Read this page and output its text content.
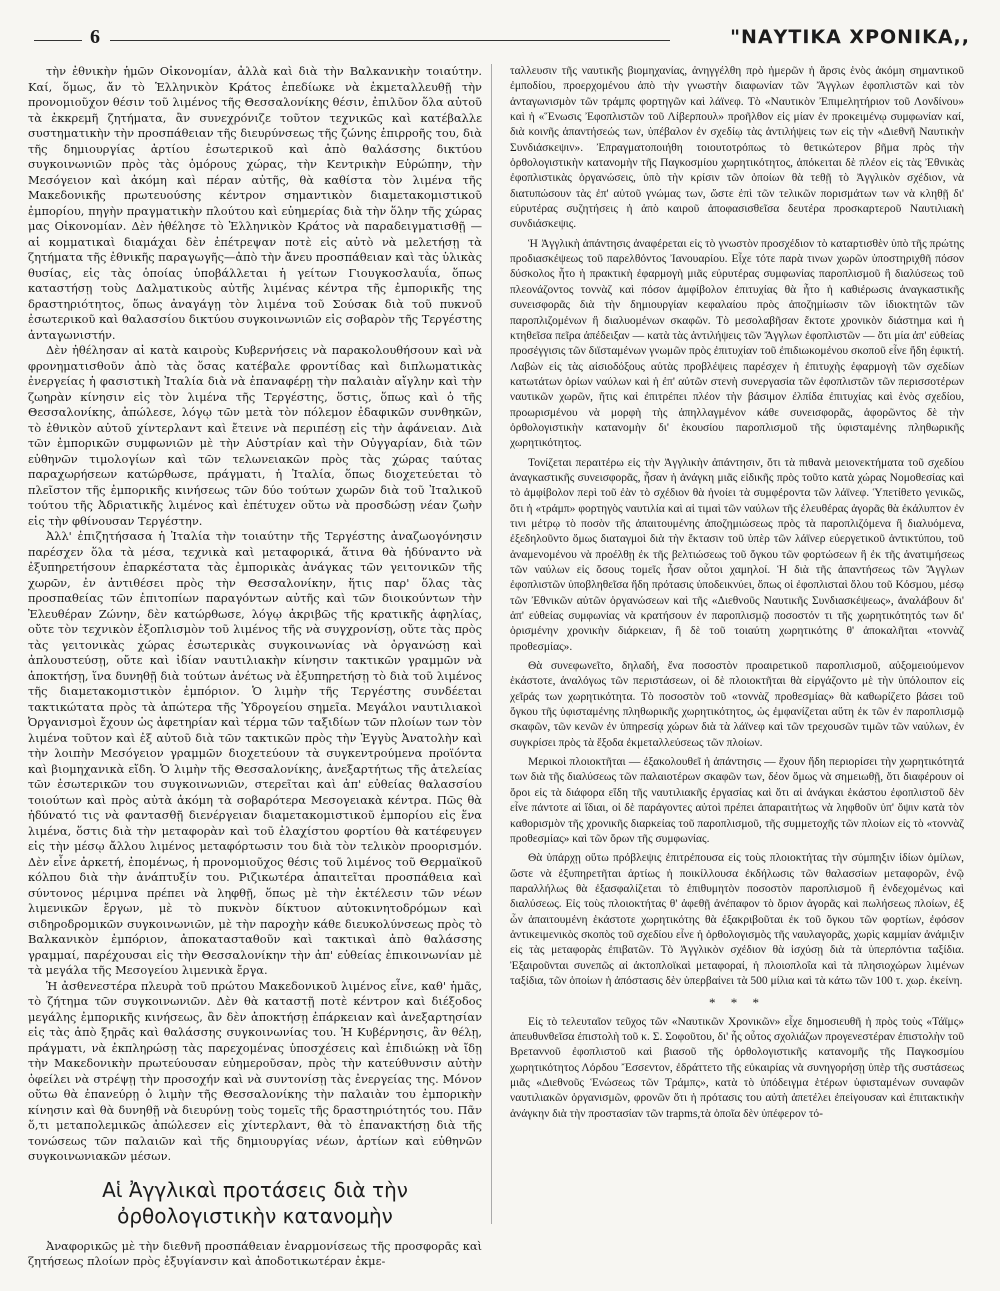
6	"ΝΑΥΤΙΚΑ ΧΡΟΝΙΚΑ,,

τὴν ἐθνικὴν ἡμῶν Οἰκονομίαν, ἀλλὰ καὶ διὰ τὴν Βαλκανικὴν τοιαύτην. Καί, ὅμως, ἄν τὸ Ἑλληνικὸν Κράτος ἐπεδίωκε νὰ ἐκμεταλλευθῇ τὴν προνομιοῦχον θέσιν τοῦ λιμένος τῆς Θεσσαλονίκης θέσιν, ἐπιλῦον ὅλα αὐτοῦ τὰ ἐκκρεμῆ ζητήματα, ἂν συνεχρόνιζε τοῦτον τεχνικῶς καὶ κατέβαλλε συστηματικὴν τὴν προσπάθειαν τῆς διευρύνσεως τῆς ζώνης ἐπιρροῆς του, διὰ τῆς δημιουργίας ἀρτίου ἐσωτερικοῦ καὶ ἀπὸ θαλάσσης δικτύου συγκοινωνιῶν πρὸς τὰς ὁμόρους χώρας, τὴν Κεντρικὴν Εὐρώπην, τὴν Μεσόγειον καὶ ἀκόμη καὶ πέραν αὐτῆς, θὰ καθίστα τὸν λιμένα τῆς Μακεδονικῆς πρωτευούσης κέντρον σημαντικὸν διαμετακομιστικοῦ ἐμπορίου, πηγὴν πραγματικὴν πλούτου καὶ εὐημερίας διὰ τὴν ὅλην τῆς χώρας μας Οἰκονομίαν. Δὲν ἠθέλησε τὸ Ἑλληνικὸν Κράτος νὰ παραδειγματισθῇ — αἱ κομματικαὶ διαμάχαι δὲν ἐπέτρεψαν ποτὲ εἰς αὐτὸ νὰ μελετήσῃ τὰ ζητήματα τῆς ἐθνικῆς παραγωγῆς—ἀπὸ τὴν ἄνευ προσπάθειαν καὶ τὰς ὑλικὰς θυσίας, εἰς τὰς ὁποίας ὑποβάλλεται ἡ γείτων Γιουγκοσλαυΐα, ὅπως καταστήσῃ τοὺς Δαλματικοὺς αὐτῆς λιμένας κέντρα τῆς ἐμπορικῆς της δραστηριότητος, ὅπως ἀναγάγῃ τὸν λιμένα τοῦ Σούσακ διὰ τοῦ πυκνοῦ ἐσωτερικοῦ καὶ θαλασσίου δικτύου συγκοινωνιῶν εἰς σοβαρὸν τῆς Τεργέστης ἀνταγωνιστήν.

Δὲν ἠθέλησαν αἱ κατὰ καιροὺς Κυβερνήσεις νὰ παρακολουθήσουν καὶ νὰ φρονηματισθοῦν ἀπὸ τὰς ὅσας κατέβαλε φροντίδας καὶ διπλωματικὰς ἐνεργείας ἡ φασιστικὴ Ἰταλία διὰ νὰ ἐπαναφέρῃ τὴν παλαιὰν αἴγλην καὶ τὴν ζωηρὰν κίνησιν εἰς τὸν λιμένα τῆς Τεργέστης, ὅστις, ὅπως καὶ ὁ τῆς Θεσσαλονίκης, ἀπώλεσε, λόγῳ τῶν μετὰ τὸν πόλεμον ἐδαφικῶν συνθηκῶν, τὸ ἐθνικὸν αὐτοῦ χίντερλαντ καὶ ἔτεινε νὰ περιπέσῃ εἰς τὴν ἀφάνειαν. Διὰ τῶν ἐμπορικῶν συμφωνιῶν μὲ τὴν Αὐστρίαν καὶ τὴν Οὐγγαρίαν, διὰ τῶν εὐθηνῶν τιμολογίων καὶ τῶν τελωνειακῶν πρὸς τὰς χώρας ταύτας παραχωρήσεων κατώρθωσε, πράγματι, ἡ Ἰταλία, ὅπως διοχετεύεται τὸ πλεῖστον τῆς ἐμπορικῆς κινήσεως τῶν δύο τούτων χωρῶν διὰ τοῦ Ἰταλικοῦ τούτου τῆς Ἀδριατικῆς λιμένος καὶ ἐπέτυχεν οὕτω νὰ προσδώσῃ νέαν ζωὴν εἰς τὴν φθίνουσαν Τεργέστην.

Ἀλλ' ἐπιζητήσασα ἡ Ἰταλία τὴν τοιαύτην τῆς Τεργέστης ἀναζωογόνησιν παρέσχεν ὅλα τὰ μέσα, τεχνικὰ καὶ μεταφορικά, ἅτινα θὰ ἠδύναντο νὰ ἐξυπηρετήσουν ἐπαρκέστατα τὰς ἐμπορικὰς ἀνάγκας τῶν γειτονικῶν τῆς χωρῶν, ἐν ἀντιθέσει πρὸς τὴν Θεσσαλονίκην, ἥτις παρ' ὅλας τὰς προσπαθείας τῶν ἐπιτοπίων παραγόντων αὐτῆς καὶ τῶν διοικούντων τὴν Ἐλευθέραν Ζώνην, δὲν κατώρθωσε, λόγῳ ἀκριβῶς τῆς κρατικῆς ἀφηλίας, οὔτε τὸν τεχνικὸν ἐξοπλισμὸν τοῦ λιμένος τῆς νὰ συγχρονίσῃ, οὔτε τὰς πρὸς τὰς γειτονικὰς χώρας ἐσωτερικὰς συγκοινωνίας νὰ ὀργανώσῃ καὶ ἀπλουστεύσῃ, οὔτε καὶ ἰδίαν ναυτιλιακὴν κίνησιν τακτικῶν γραμμῶν νὰ ἀποκτήσῃ, ἵνα δυνηθῇ διὰ τούτων ἀνέτως νὰ ἐξυπηρετήσῃ τὸ διὰ τοῦ λιμένος τῆς διαμετακομιστικὸν ἐμπόριον. Ὁ λιμὴν τῆς Τεργέστης συνδέεται τακτικώτατα πρὸς τὰ ἀπώτερα τῆς Ὑδρογείου σημεῖα. Μεγάλοι ναυτιλιακοὶ Ὀργανισμοὶ ἔχουν ὡς ἀφετηρίαν καὶ τέρμα τῶν ταξιδίων τῶν πλοίων των τὸν λιμένα τοῦτον καὶ ἐξ αὐτοῦ διὰ τῶν τακτικῶν πρὸς τὴν Ἐγγὺς Ἀνατολὴν καὶ τὴν λοιπὴν Μεσόγειον γραμμῶν διοχετεύουν τὰ συγκεντρούμενα προϊόντα καὶ βιομηχανικὰ εἴδη. Ὁ λιμὴν τῆς Θεσσαλονίκης, ἀνεξαρτήτως τῆς ἀτελείας τῶν ἐσωτερικῶν του συγκοινωνιῶν, στερεῖται καὶ ἀπ' εὐθείας θαλασσίου τοιούτων καὶ πρὸς αὐτὰ ἀκόμη τὰ σοβαρότερα Μεσογειακὰ κέντρα. Πῶς θὰ ἠδύνατό τις νὰ φαντασθῇ διενέργειαν διαμετακομιστικοῦ ἐμπορίου εἰς ἕνα λιμένα, ὅστις διὰ τὴν μεταφορὰν καὶ τοῦ ἐλαχίστου φορτίου θὰ κατέφευγεν εἰς τὴν μέσῳ ἄλλου λιμένος μεταφόρτωσιν του διὰ τὸν τελικὸν προορισμόν. Δὲν εἶνε ἀρκετή, ἐπομένως, ἡ προνομιοῦχος θέσις τοῦ λιμένος τοῦ Θερμαϊκοῦ κόλπου διὰ τὴν ἀνάπτυξίν του. Ριζικωτέρα ἀπαιτεῖται προσπάθεια καὶ σύντονος μέριμνα πρέπει νὰ ληφθῇ, ὅπως μὲ τὴν ἐκτέλεσιν τῶν νέων λιμενικῶν ἔργων, μὲ τὸ πυκνὸν δίκτυον αὐτοκινητοδρόμων καὶ σιδηροδρομικῶν συγκοινωνιῶν, μὲ τὴν παροχὴν κάθε διευκολύνσεως πρὸς τὸ Βαλκανικὸν ἐμπόριον, ἀποκατασταθοῦν καὶ τακτικαὶ ἀπὸ θαλάσσης γραμμαί, παρέχουσαι εἰς τὴν Θεσσαλονίκην τὴν ἀπ' εὐθείας ἐπικοινωνίαν μὲ τὰ μεγάλα τῆς Μεσογείου λιμενικὰ ἔργα.

Ἡ ἀσθενεστέρα πλευρὰ τοῦ πρώτου Μακεδονικοῦ λιμένος εἶνε, καθ' ἡμᾶς, τὸ ζήτημα τῶν συγκοινωνιῶν. Δὲν θὰ καταστῇ ποτὲ κέντρον καὶ διέξοδος μεγάλης ἐμπορικῆς κινήσεως, ἂν δὲν ἀποκτήσῃ ἐπάρκειαν καὶ ἀνεξαρτησίαν εἰς τὰς ἀπὸ ξηρᾶς καὶ θαλάσσης συγκοινωνίας του. Ἡ Κυβέρνησις, ἂν θέλῃ, πράγματι, νὰ ἐκπληρώσῃ τὰς παρεχομένας ὑποσχέσεις καὶ ἐπιδιώκῃ νὰ ἴδῃ τὴν Μακεδονικὴν πρωτεύουσαν εὐημεροῦσαν, πρὸς τὴν κατεύθυνσιν αὐτὴν ὀφείλει νὰ στρέψῃ τὴν προσοχήν καὶ νὰ συντονίσῃ τὰς ἐνεργείας της. Μόνον οὕτω θὰ ἐπανεύρῃ ὁ λιμὴν τῆς Θεσσαλονίκης τὴν παλαιὰν του ἐμπορικὴν κίνησιν καὶ θὰ δυνηθῇ νὰ διευρύνῃ τοὺς τομεῖς τῆς δραστηριότητός του. Πᾶν ὅ,τι μεταπολεμικῶς ἀπώλεσεν εἰς χίντερλαντ, θὰ τὸ ἐπανακτήσῃ διὰ τῆς τονώσεως τῶν παλαιῶν καὶ τῆς δημιουργίας νέων, ἀρτίων καὶ εὐθηνῶν συγκοινωνιακῶν μέσων.

Αἱ Ἀγγλικαὶ προτάσεις διὰ τὴν
ὀρθολογιστικὴν κατανομὴν

Ἀναφορικῶς μὲ τὴν διεθνῆ προσπάθειαν ἐναρμονίσεως τῆς προσφορᾶς καὶ ζητήσεως πλοίων πρὸς ἐξυγίανσιν καὶ ἀποδοτικωτέραν ἐκμε-

ταλλευσιν τῆς ναυτικῆς βιομηχανίας, ἀνηγγέλθη πρὸ ἡμερῶν ἡ ἄρσις ἑνὸς ἀκόμη σημαντικοῦ ἐμποδίου, προερχομένου ἀπὸ τὴν γνωστὴν διαφωνίαν τῶν Ἄγγλων ἐφοπλιστῶν καὶ τὸν ἀνταγωνισμὸν τῶν τράμπς φορτηγῶν καὶ λάϊνεφ. Τὸ «Ναυτικὸν Ἐπιμελητήριον τοῦ Λονδίνου» καὶ ἡ «Ἕνωσις Ἐφοπλιστῶν τοῦ Λίβερπουλ» προῆλθον εἰς μίαν ἐν προκειμένῳ συμφωνίαν καί, διὰ κοινῆς ἀπαντήσεώς των, ὑπέβαλον ἐν σχεδίῳ τὰς ἀντιλήψεις των εἰς τὴν «Διεθνῆ Ναυτικὴν Συνδιάσκεψιν». Ἐπραγματοποιήθη τοιουτοτρόπως τὸ θετικώτερον βῆμα πρὸς τὴν ὀρθολογιστικὴν κατανομὴν τῆς Παγκοσμίου χωρητικότητος, ἀπόκειται δὲ πλέον εἰς τὰς Ἐθνικὰς ἐφοπλιστικὰς ὀργανώσεις, ὑπὸ τὴν κρίσιν τῶν ὁποίων θὰ τεθῇ τὸ Ἀγγλικὸν σχέδιον, νὰ διατυπώσουν τὰς ἐπ' αὐτοῦ γνώμας των, ὥστε ἐπὶ τῶν τελικῶν πορισμάτων των νὰ κληθῇ δι' εὐρυτέρας συζητήσεις ἡ ἀπὸ καιροῦ ἀποφασισθεῖσα δευτέρα προσκαρτεροῦ Ναυτιλιακὴ συνδιάσκεψις.

Ἡ Ἀγγλικὴ ἀπάντησις ἀναφέρεται εἰς τὸ γνωστὸν προσχέδιον τὸ καταρτισθὲν ὑπὸ τῆς πρώτης προδιασκέψεως τοῦ παρελθόντος Ἰανουαρίου. Εἶχε τότε παρὰ τινων χωρῶν ὑποστηριχθῆ πόσον δύσκολος ἦτο ἡ πρακτικὴ ἐφαρμογὴ μιᾶς εὐρυτέρας συμφωνίας παροπλισμοῦ ἢ διαλύσεως τοῦ πλεονάζοντος τοννὰζ καὶ πόσον ἀμφίβολον ἐπιτυχίας θὰ ἦτο ἡ καθιέρωσις ἀναγκαστικῆς συνεισφορᾶς διὰ τὴν δημιουργίαν κεφαλαίου πρὸς ἀποζημίωσιν τῶν ἰδιοκτητῶν τῶν παροπλιζομένων ἢ διαλυομένων σκαφῶν. Τὸ μεσολαβῆσαν ἔκτοτε χρονικὸν διάστημα καὶ ἡ κτηθεῖσα πεῖρα ἀπέδειξαν — κατὰ τὰς ἀντιλήψεις τῶν Ἄγγλων ἐφοπλιστῶν — ὅτι μία ἀπ' εὐθείας προσέγγισις τῶν διϊσταμένων γνωμῶν πρὸς ἐπιτυχίαν τοῦ ἐπιδιωκομένου σκοποῦ εἶνε ἤδη ἐφικτή. Λαβὼν εἰς τὰς αἰσιοδόξους αὐτὰς προβλέψεις παρέσχεν ἡ ἐπιτυχὴς ἐφαρμογὴ τῶν σχεδίων κατωτάτων ὁρίων ναύλων καὶ ἡ ἐπ' αὐτῶν στενὴ συνεργασία τῶν ἐφοπλιστῶν τῶν περισσοτέρων ναυτικῶν χωρῶν, ἥτις καὶ ἐπιτρέπει πλέον τὴν βάσιμον ἐλπίδα ἐπιτυχίας καὶ ἑνὸς σχεδίου, προωρισμένου νὰ μορφὴ τὴς ἀπηλλαγμένον κάθε συνεισφορᾶς, ἀφορῶντος δὲ τὴν ὀρθολογιστικὴν κατανομὴν δι' ἑκουσίου παροπλισμοῦ τῆς ὑφισταμένης πληθωρικῆς χωρητικότητος.

Τονίζεται περαιτέρω εἰς τὴν Ἀγγλικὴν ἀπάντησιν, ὅτι τὰ πιθανὰ μειονεκτήματα τοῦ σχεδίου ἀναγκαστικῆς συνεισφορᾶς, ἦσαν ἡ ἀνάγκη μιᾶς εἰδικῆς πρὸς τοῦτο κατὰ χώρας Νομοθεσίας καὶ τὸ ἀμφίβολον περὶ τοῦ ἐὰν τὸ σχέδιον θὰ ἠνοίει τὰ συμφέροντα τῶν λάϊνεφ. Ὑπετίθετο γενικῶς, ὅτι ἡ «τράμπ» φορτηγὸς ναυτιλία καὶ αἱ τιμαὶ τῶν ναύλων τῆς ἐλευθέρας ἀγορᾶς θὰ ἐκάλυπτον ἐν τινι μέτρῳ τὸ ποσὸν τῆς ἀπαιτουμένης ἀποζημιώσεως πρὸς τὰ παροπλιζόμενα ἢ διαλυόμενα, ἐξεδηλοῦντο ὅμως διαταγμοὶ διὰ τὴν ἔκτασιν τοῦ ὑπὲρ τῶν λάϊνερ εὐεργετικοῦ ἀντικτύπου, τοῦ ἀναμενομένου νὰ προέλθῃ ἐκ τῆς βελτιώσεως τοῦ ὄγκου τῶν φορτώσεων ἢ ἐκ τῆς ἀνατιμήσεως τῶν ναύλων εἰς ὅσους τομεῖς ἦσαν οὗτοι χαμηλοί. Ἡ διὰ τῆς ἀπαντήσεως τῶν Ἄγγλων ἐφοπλιστῶν ὑποβληθεῖσα ἤδη πρότασις ὑποδεικνύει, ὅπως οἱ ἐφοπλισταὶ ὅλου τοῦ Κόσμου, μέσῳ τῶν Ἐθνικῶν αὐτῶν ὀργανώσεων καὶ τῆς «Διεθνοῦς Ναυτικῆς Συνδιασκέψεως», ἀναλάβουν δι' ἀπ' εὐθείας συμφωνίας νὰ κρατήσουν ἐν παροπλισμῷ ποσοστόν τι τῆς χωρητικότητός των δι' ὁρισμένην χρονικὴν διάρκειαν, ἢ δὲ τοῦ τοιαύτη χωρητικότης θ' ἀποκαλῆται «τοννὰζ προθεσμίας».

Θὰ συνεφωνεῖτο, δηλαδή, ἕνα ποσοστὸν προαιρετικοῦ παροπλισμοῦ, αὐξομειούμενον ἑκάστοτε, ἀναλόγως τῶν περιστάσεων, οἱ δὲ πλοιοκτῆται θὰ εἰργάζοντο μὲ τὴν ὑπόλοιπον εἰς χεῖράς των χωρητικότητα. Τὸ ποσοστὸν τοῦ «τοννὰζ προθεσμίας» θὰ καθωρίζετο βάσει τοῦ ὄγκου τῆς ὑφισταμένης πληθωρικῆς χωρητικότητος, ὡς ἐμφανίζεται αὕτη ἐκ τῶν ἐν παροπλισμῷ σκαφῶν, τῶν κενῶν ἐν ὑπηρεσίᾳ χώρων διὰ τὰ λάϊνεφ καὶ τῶν τρεχουσῶν τιμῶν τῶν ναύλων, ἐν συγκρίσει πρὸς τὰ ἔξοδα ἐκμεταλλεύσεως τῶν πλοίων.

Μερικοὶ πλοιοκτῆται — ἐξακολουθεῖ ἡ ἀπάντησις — ἔχουν ἤδη περιορίσει τὴν χωρητικότητά των διὰ τῆς διαλύσεως τῶν παλαιοτέρων σκαφῶν των, δέον ὅμως νὰ σημειωθῇ, ὅτι διαφέρουν οἱ ὅροι εἰς τὰ διάφορα εἴδη τῆς ναυτιλιακῆς ἐργασίας καὶ ὅτι αἱ ἀνάγκαι ἑκάστου ἐφοπλιστοῦ δὲν εἶνε πάντοτε αἱ ἴδιαι, οἱ δὲ παράγοντες αὐτοὶ πρέπει ἀπαραιτήτως νὰ ληφθοῦν ὑπ' ὄψιν κατὰ τὸν καθορισμὸν τῆς χρονικῆς διαρκείας τοῦ παροπλισμοῦ, τῆς συμμετοχῆς τῶν πλοίων εἰς τὸ «τοννὰζ προθεσμίας» καὶ τῶν ὅρων τῆς συμφωνίας.

Θὰ ὑπάρχῃ οὕτω πρόβλεψις ἐπιτρέπουσα εἰς τοὺς πλοιοκτήτας τὴν σύμπηξιν ἰδίων ὁμίλων, ὥστε νὰ ἐξυπηρετῆται ἀρτίως ἡ ποικίλλουσα ἐκδήλωσις τῶν θαλασσίων μεταφορῶν, ἐνῷ παραλλήλως θὰ ἐξασφαλίζεται τὸ ἐπιθυμητὸν ποσοστὸν παροπλισμοῦ ἢ ἐνδεχομένως καὶ διαλύσεως. Εἰς τοὺς πλοιοκτήτας θ' ἀφεθῇ ἀνέπαφον τὸ ὅριον ἀγορᾶς καὶ πωλήσεως πλοίων, ἐξ ὧν ἀπαιτουμένη ἑκάστοτε χωρητικότης θὰ ἐξακριβοῦται ἐκ τοῦ ὄγκου τῶν φορτίων, ἐφόσον ἀντικειμενικὸς σκοπὸς τοῦ σχεδίου εἶνε ἡ ὀρθολογισμὸς τῆς ναυλαγορᾶς, χωρὶς καμμίαν ἀνάμιξιν εἰς τὰς μεταφορὰς ἐπιβατῶν. Τὸ Ἀγγλικὸν σχέδιον θὰ ἰσχύσῃ διὰ τὰ ὑπερπόντια ταξίδια. Ἐξαιροῦνται συνεπῶς αἱ ἀκτοπλοϊκαὶ μεταφοραί, ἡ πλοιοπλοΐα καὶ τὰ πλησιοχώρων λιμένων ταξίδια, τῶν ὁποίων ἡ ἀπόστασις δὲν ὑπερβαίνει τὰ 500 μίλια καὶ τὰ κάτω τῶν 100 τ. χωρ. ἐκείνη.

* * *

Εἰς τὸ τελευταῖον τεῦχος τῶν «Ναυτικῶν Χρονικῶν» εἶχε δημοσιευθῆ ἡ πρὸς τοὺς «Τάϊμς» ἀπευθυνθεῖσα ἐπιστολὴ τοῦ κ. Σ. Σοφοῦτου, δι' ἧς οὗτος σχολιάζων προγενεστέραν ἐπιστολὴν τοῦ Βρεταννοῦ ἐφοπλιστοῦ καὶ βιασοῦ τῆς ὀρθολογιστικῆς κατανομῆς τῆς Παγκοσμίου χωρητικότητος Λόρδου Ἔσσεντον, ἐδράττετο τῆς εὐκαιρίας νὰ συνηγορήσῃ ὑπὲρ τῆς συστάσεως μιᾶς «Διεθνοῦς Ἑνώσεως τῶν Τράμπς», κατὰ τὸ ὑπόδειγμα ἑτέρων ὑφισταμένων συναφῶν ναυτιλιακῶν ὀργανισμῶν, φρονῶν ὅτι ἡ πρότασις του αὐτὴ ἀπετέλει ἐπείγουσαν καὶ ἐπιτακτικὴν ἀνάγκην διὰ τὴν προστασίαν τῶν trapms,τὰ ὁποῖα δὲν ὑπέφερον τό-
